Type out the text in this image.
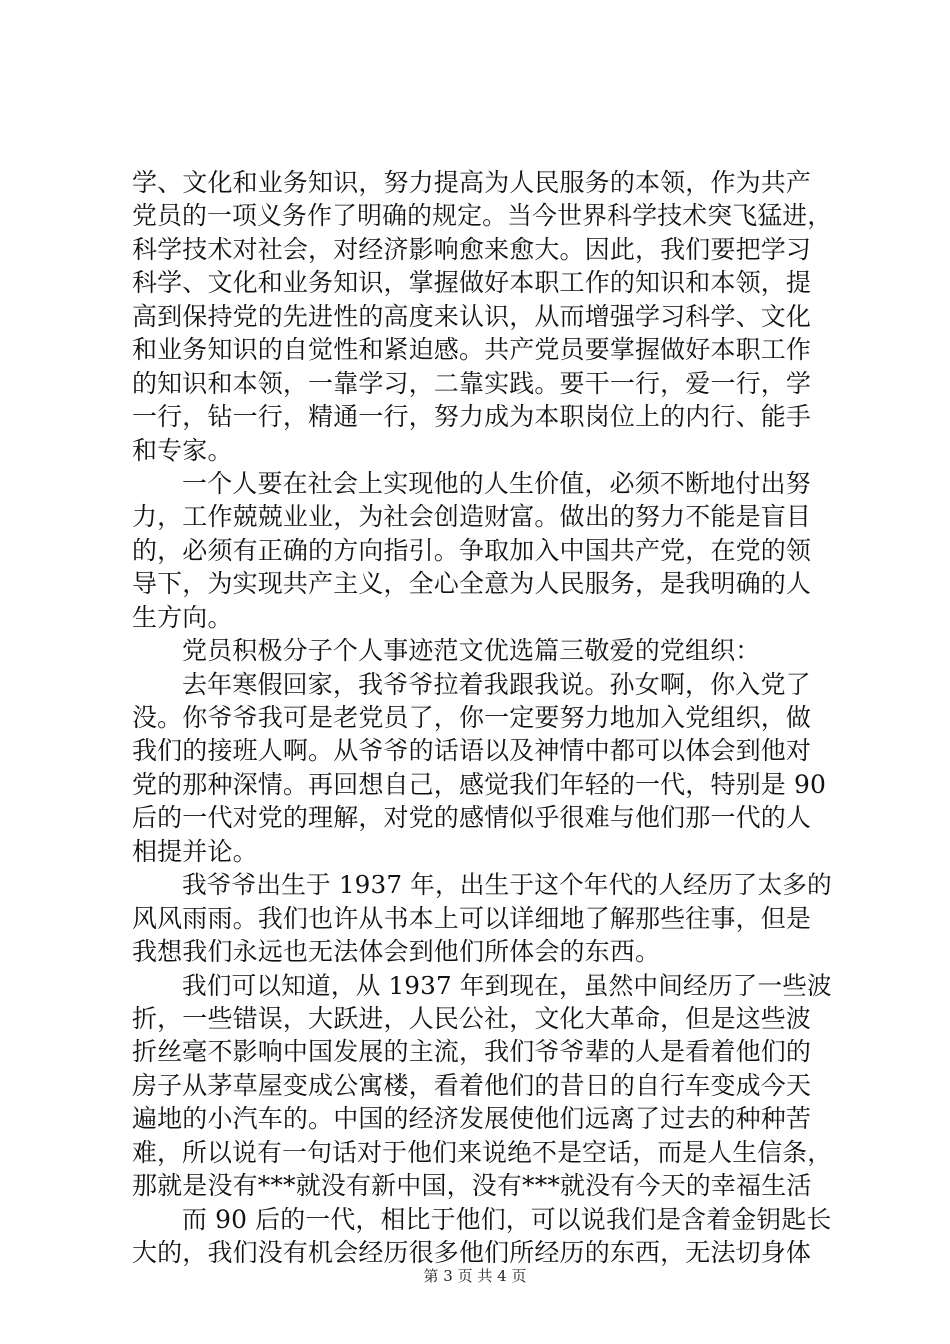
学、文化和业务知识，努力提高为人民服务的本领，作为共产
党员的一项义务作了明确的规定。当今世界科学技术突飞猛进，
科学技术对社会，对经济影响愈来愈大。因此，我们要把学习
科学、文化和业务知识，掌握做好本职工作的知识和本领，提
高到保持党的先进性的高度来认识，从而增强学习科学、文化
和业务知识的自觉性和紧迫感。共产党员要掌握做好本职工作
的知识和本领，一靠学习，二靠实践。要干一行，爱一行，学
一行，钻一行，精通一行，努力成为本职岗位上的内行、能手
和专家。
一个人要在社会上实现他的人生价值，必须不断地付出努
力，工作兢兢业业，为社会创造财富。做出的努力不能是盲目
的，必须有正确的方向指引。争取加入中国共产党，在党的领
导下，为实现共产主义，全心全意为人民服务，是我明确的人
生方向。
党员积极分子个人事迹范文优选篇三敬爱的党组织：
去年寒假回家，我爷爷拉着我跟我说。孙女啊，你入党了
没。你爷爷我可是老党员了，你一定要努力地加入党组织，做
我们的接班人啊。从爷爷的话语以及神情中都可以体会到他对
党的那种深情。再回想自己，感觉我们年轻的一代，特别是 90
后的一代对党的理解，对党的感情似乎很难与他们那一代的人
相提并论。
我爷爷出生于 1937 年，出生于这个年代的人经历了太多的
风风雨雨。我们也许从书本上可以详细地了解那些往事，但是
我想我们永远也无法体会到他们所体会的东西。
我们可以知道，从 1937 年到现在，虽然中间经历了一些波
折，一些错误，大跃进，人民公社，文化大革命，但是这些波
折丝毫不影响中国发展的主流，我们爷爷辈的人是看着他们的
房子从茅草屋变成公寓楼，看着他们的昔日的自行车变成今天
遍地的小汽车的。中国的经济发展使他们远离了过去的种种苦
难，所以说有一句话对于他们来说绝不是空话，而是人生信条，
那就是没有***就没有新中国，没有***就没有今天的幸福生活
而 90 后的一代，相比于他们，可以说我们是含着金钥匙长
大的，我们没有机会经历很多他们所经历的东西，无法切身体
第 3 页 共 4 页
